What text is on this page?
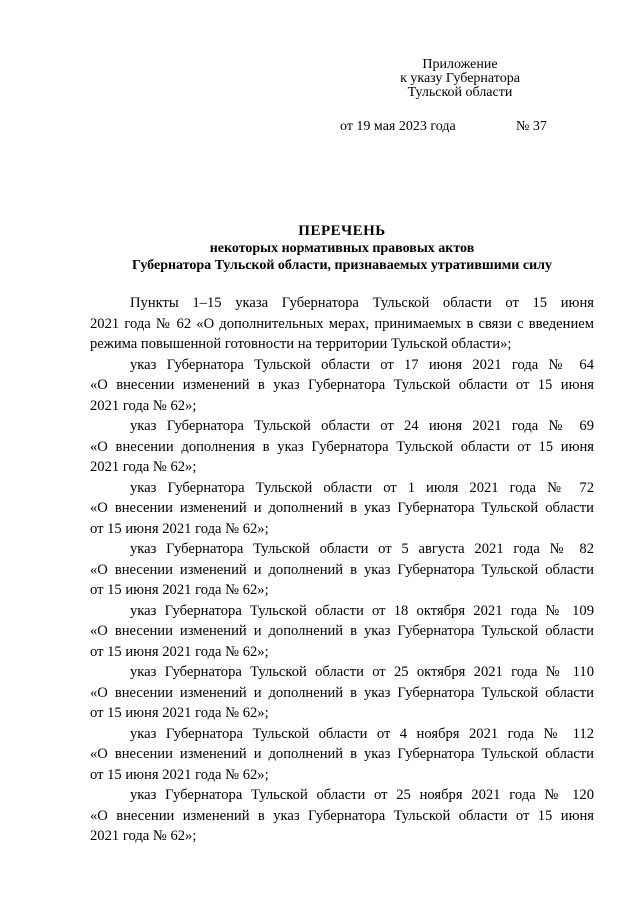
Приложение
к указу Губернатора
Тульской области
от 19 мая 2023 года	№ 37
ПЕРЕЧЕНЬ
некоторых нормативных правовых актов
Губернатора Тульской области, признаваемых утратившими силу
Пункты 1–15 указа Губернатора Тульской области от 15 июня
2021 года № 62 «О дополнительных мерах, принимаемых в связи с введением
режима повышенной готовности на территории Тульской области»;
указ Губернатора Тульской области от 17 июня 2021 года № 64
«О внесении изменений в указ Губернатора Тульской области от 15 июня
2021 года № 62»;
указ Губернатора Тульской области от 24 июня 2021 года № 69
«О внесении дополнения в указ Губернатора Тульской области от 15 июня
2021 года № 62»;
указ Губернатора Тульской области от 1 июля 2021 года № 72
«О внесении изменений и дополнений в указ Губернатора Тульской области
от 15 июня 2021 года № 62»;
указ Губернатора Тульской области от 5 августа 2021 года № 82
«О внесении изменений и дополнений в указ Губернатора Тульской области
от 15 июня 2021 года № 62»;
указ Губернатора Тульской области от 18 октября 2021 года № 109
«О внесении изменений и дополнений в указ Губернатора Тульской области
от 15 июня 2021 года № 62»;
указ Губернатора Тульской области от 25 октября 2021 года № 110
«О внесении изменений и дополнений в указ Губернатора Тульской области
от 15 июня 2021 года № 62»;
указ Губернатора Тульской области от 4 ноября 2021 года № 112
«О внесении изменений и дополнений в указ Губернатора Тульской области
от 15 июня 2021 года № 62»;
указ Губернатора Тульской области от 25 ноября 2021 года № 120
«О внесении изменений в указ Губернатора Тульской области от 15 июня
2021 года № 62»;
